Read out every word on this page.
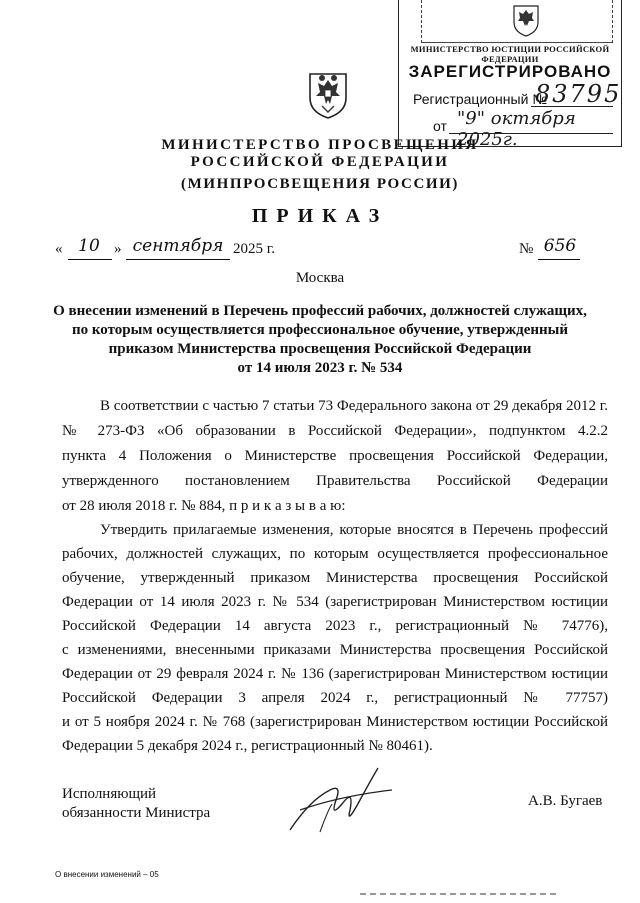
МИНИСТЕРСТВО ЮСТИЦИИ РОССИЙСКОЙ ФЕДЕРАЦИИ
ЗАРЕГИСТРИРОВАНО
Регистрационный №
83795
от "9" октября 2025г.
МИНИСТЕРСТВО ПРОСВЕЩЕНИЯ
РОССИЙСКОЙ ФЕДЕРАЦИИ
(МИНПРОСВЕЩЕНИЯ РОССИИ)
ПРИКАЗ
« 10 » сентября 2025 г.	№ 656
Москва
О внесении изменений в Перечень профессий рабочих, должностей служащих,
по которым осуществляется профессиональное обучение, утвержденный
приказом Министерства просвещения Российской Федерации
от 14 июля 2023 г. № 534
В соответствии с частью 7 статьи 73 Федерального закона от 29 декабря 2012 г.
№ 273-ФЗ «Об образовании в Российской Федерации», подпунктом 4.2.2
пункта 4 Положения о Министерстве просвещения Российской Федерации,
утвержденного постановлением Правительства Российской Федерации
от 28 июля 2018 г. № 884, п р и к а з ы в а ю:
Утвердить прилагаемые изменения, которые вносятся в Перечень профессий
рабочих, должностей служащих, по которым осуществляется профессиональное
обучение, утвержденный приказом Министерства просвещения Российской
Федерации от 14 июля 2023 г. № 534 (зарегистрирован Министерством юстиции
Российской Федерации 14 августа 2023 г., регистрационный № 74776),
с изменениями, внесенными приказами Министерства просвещения Российской
Федерации от 29 февраля 2024 г. № 136 (зарегистрирован Министерством юстиции
Российской Федерации 3 апреля 2024 г., регистрационный № 77757)
и от 5 ноября 2024 г. № 768 (зарегистрирован Министерством юстиции Российской
Федерации 5 декабря 2024 г., регистрационный № 80461).
Исполняющий
обязанности Министра
А.В. Бугаев
О внесении изменений – 05
